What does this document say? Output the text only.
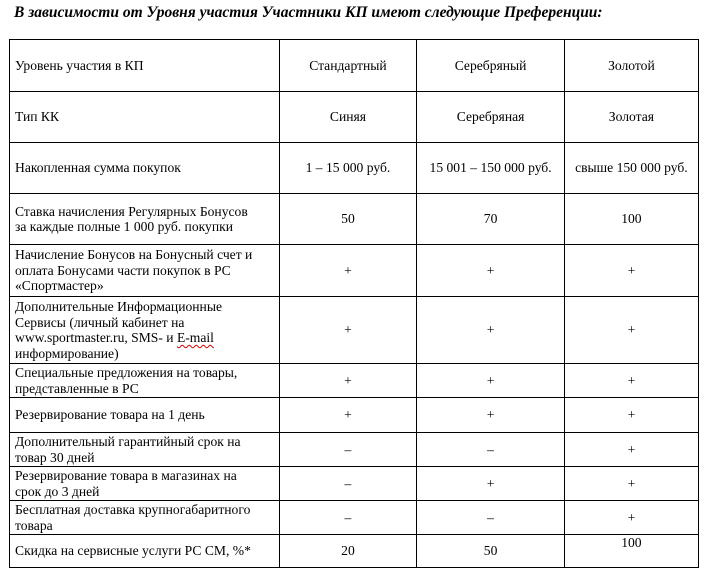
В зависимости от Уровня участия Участники КП имеют следующие Преференции:
Уровень участия в КП	Стандартный	Серебряный	Золотой
Тип КК	Синяя	Серебряная	Золотая
Накопленная сумма покупок	1 – 15 000 руб.	15 001 – 150 000 руб.	свыше 150 000 руб.
Ставка начисления Регулярных Бонусов
за каждые полные 1 000 руб. покупки	50	70	100
Начисление Бонусов на Бонусный счет и
оплата Бонусами части покупок в РС
«Спортмастер»	+	+	+
Дополнительные Информационные
Сервисы (личный кабинет на
www.sportmaster.ru, SMS- и E-mail
информирование)	+	+	+
Специальные предложения на товары,
представленные в РС	+	+	+
Резервирование товара на 1 день	+	+	+
Дополнительный гарантийный срок на
товар 30 дней	–	–	+
Резервирование товара в магазинах на
срок до 3 дней	–	+	+
Бесплатная доставка крупногабаритного
товара	–	–	+
Скидка на сервисные услуги РС СМ, %*	20	50	100
